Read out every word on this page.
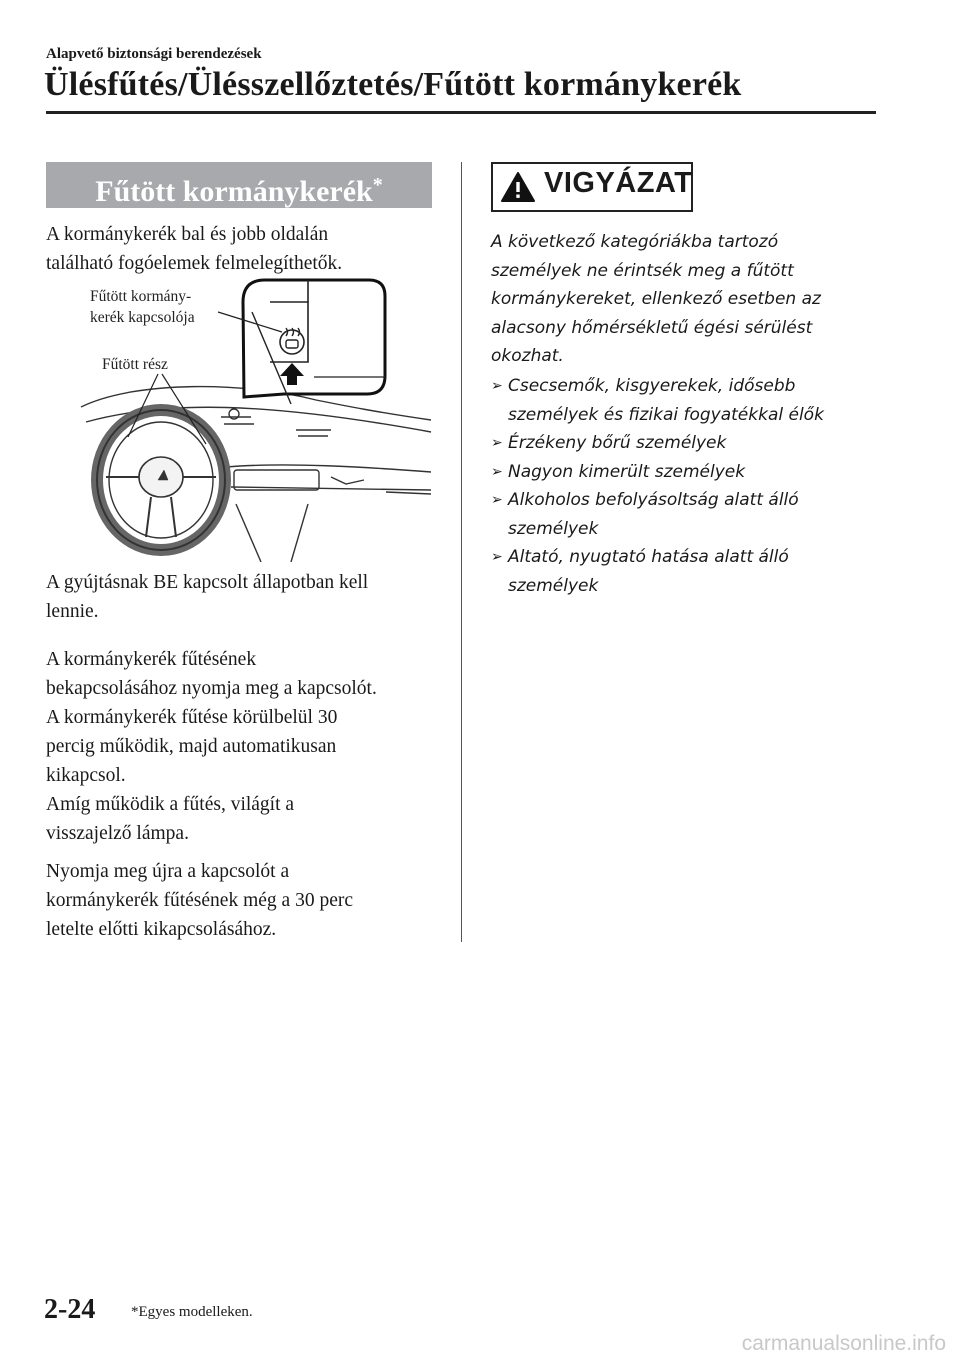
Alapvető biztonsági berendezések
Ülésfűtés/Ülésszellőztetés/Fűtött kormánykerék
Fűtött kormánykerék*
A kormánykerék bal és jobb oldalán
található fogóelemek felmelegíthetők.
Fűtött kormány-
kerék kapcsolója
Fűtött rész
A gyújtásnak BE kapcsolt állapotban kell
lennie.
A kormánykerék fűtésének
bekapcsolásához nyomja meg a kapcsolót.
A kormánykerék fűtése körülbelül 30
percig működik, majd automatikusan
kikapcsol.
Amíg működik a fűtés, világít a
visszajelző lámpa.
Nyomja meg újra a kapcsolót a
kormánykerék fűtésének még a 30 perc
letelte előtti kikapcsolásához.
VIGYÁZAT
A következő kategóriákba tartozó
személyek ne érintsék meg a fűtött
kormánykereket, ellenkező esetben az
alacsony hőmérsékletű égési sérülést
okozhat.
➢ Csecsemők, kisgyerekek, idősebb
személyek és fizikai fogyatékkal élők
➢ Érzékeny bőrű személyek
➢ Nagyon kimerült személyek
➢ Alkoholos befolyásoltság alatt álló
személyek
➢ Altató, nyugtató hatása alatt álló
személyek
2-24 *Egyes modelleken.
carmanualsonline.info
